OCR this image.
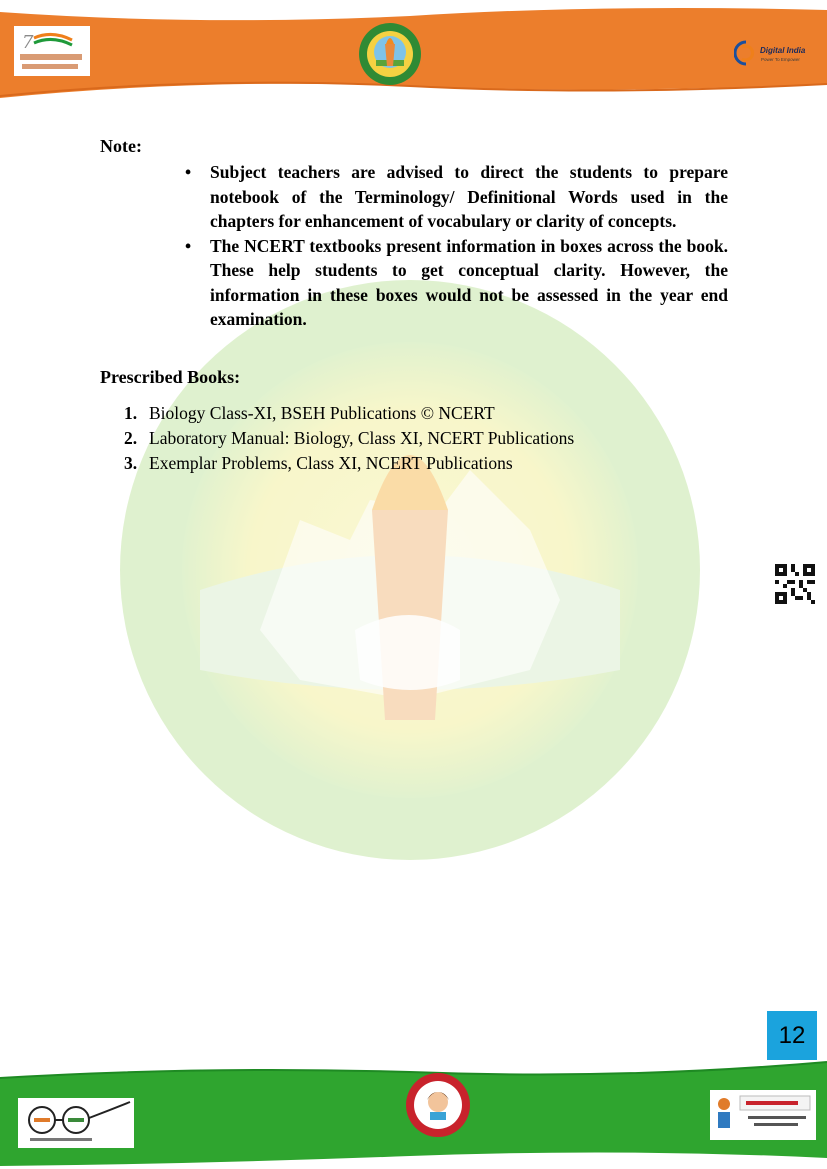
7	Digital India
Power To Empower
Note:
• Subject teachers are advised to direct the students to prepare notebook of the Terminology/ Definitional Words used in the chapters for enhancement of vocabulary or clarity of concepts.
• The NCERT textbooks present information in boxes across the book. These help students to get conceptual clarity. However, the information in these boxes would not be assessed in the year end examination.
Prescribed Books:
1. Biology Class-XI, BSEH Publications © NCERT
2. Laboratory Manual: Biology, Class XI, NCERT Publications
3. Exemplar Problems, Class XI, NCERT Publications
12
